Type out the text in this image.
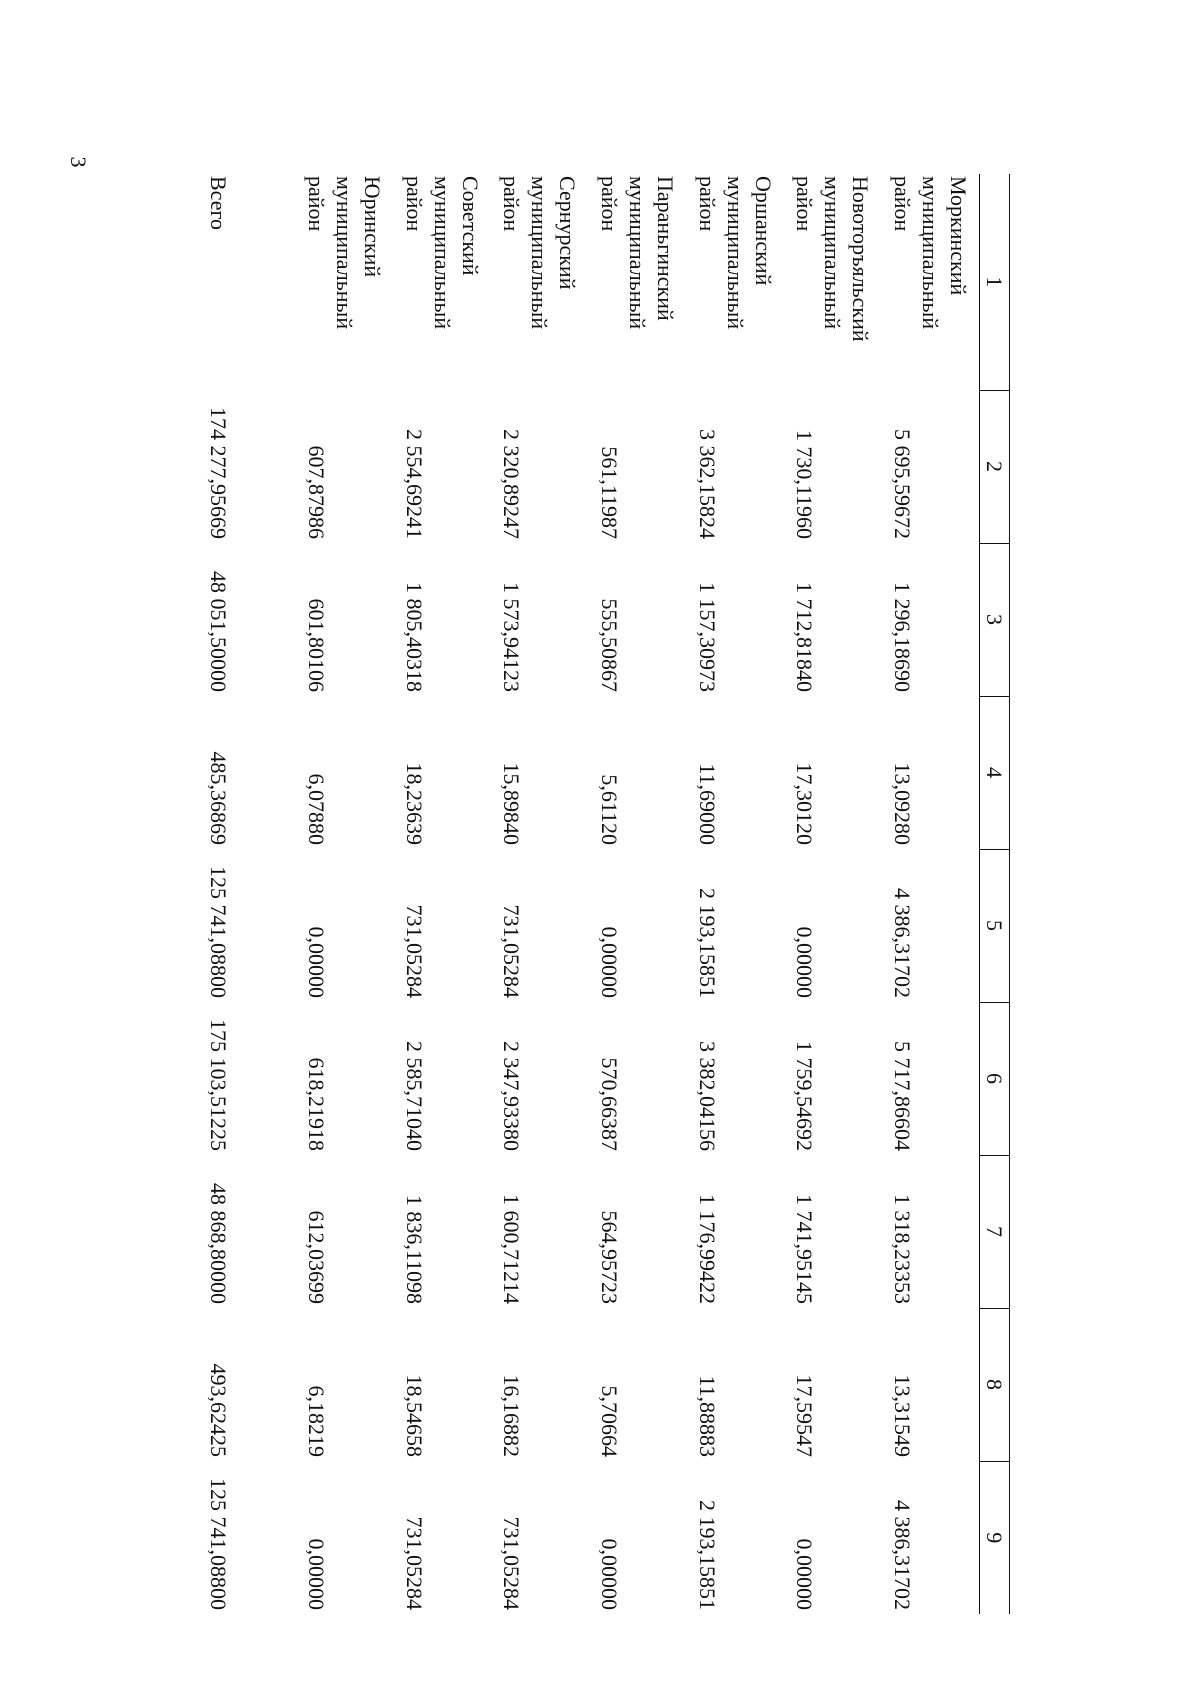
3
1	2	3	4	5	6	7	8	9
Моркинский муниципальный район	5 695,59672	1 296,18690	13,09280	4 386,31702	5 717,86604	1 318,23353	13,31549	4 386,31702
Новоторъяльский муниципальный район	1 730,11960	1 712,81840	17,30120	0,00000	1 759,54692	1 741,95145	17,59547	0,00000
Оршанский муниципальный район	3 362,15824	1 157,30973	11,69000	2 193,15851	3 382,04156	1 176,99422	11,88883	2 193,15851
Параньгинский муниципальный район	561,11987	555,50867	5,61120	0,00000	570,66387	564,95723	5,70664	0,00000
Сернурский муниципальный район	2 320,89247	1 573,94123	15,89840	731,05284	2 347,93380	1 600,71214	16,16882	731,05284
Советский муниципальный район	2 554,69241	1 805,40318	18,23639	731,05284	2 585,71040	1 836,11098	18,54658	731,05284
Юринский муниципальный район	607,87986	601,80106	6,07880	0,00000	618,21918	612,03699	6,18219	0,00000
Всего	174 277,95669	48 051,50000	485,36869	125 741,08800	175 103,51225	48 868,80000	493,62425	125 741,08800
